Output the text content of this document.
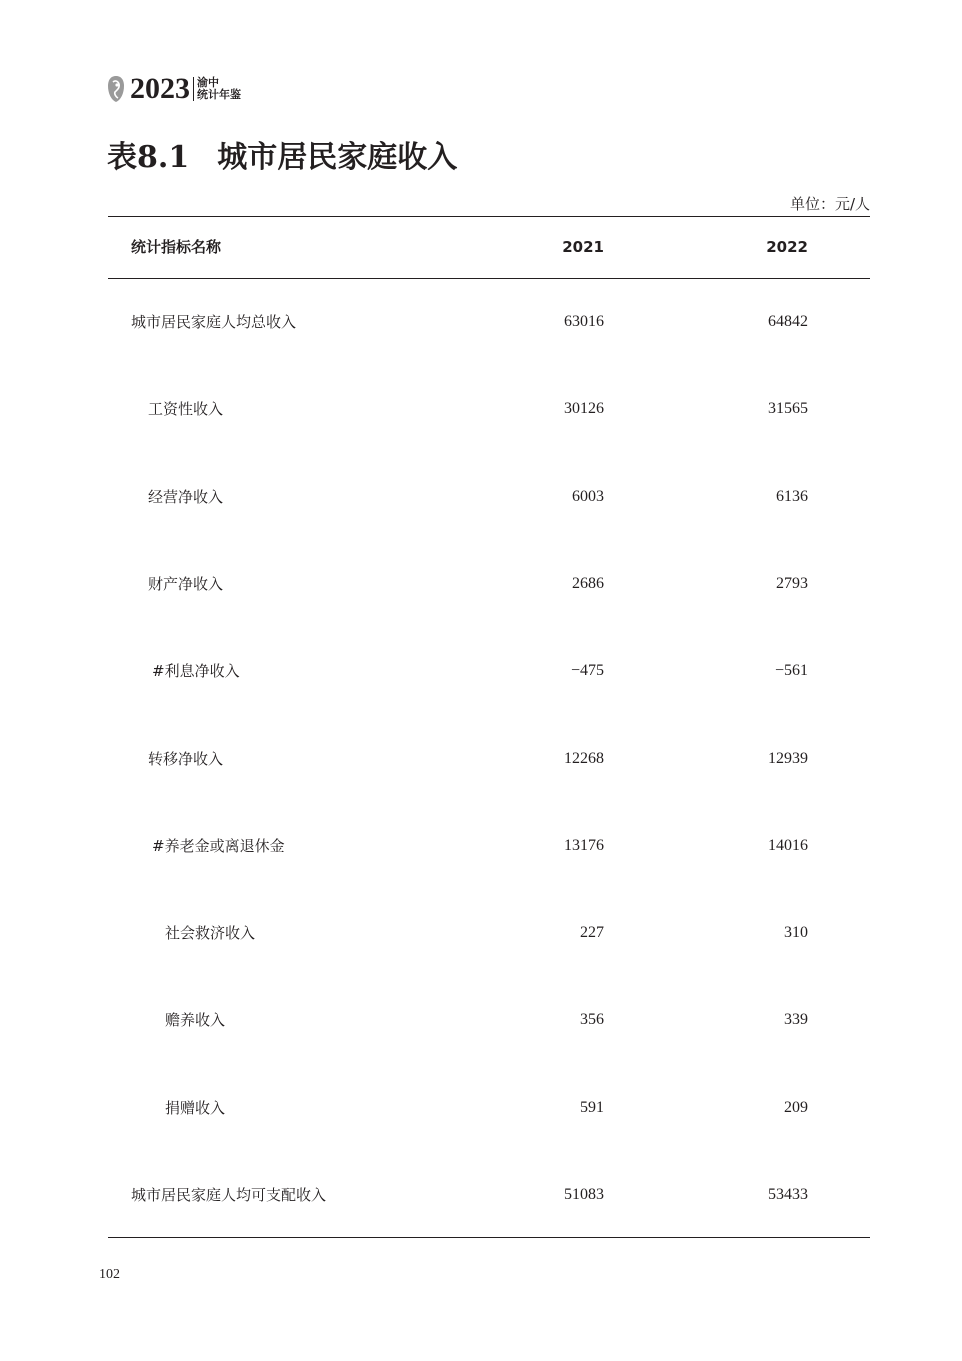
2023 渝中
统计年鉴
表8.1 城市居民家庭收入
单位：元/人
统计指标名称	2021	2022
城市居民家庭人均总收入	63016	64842
工资性收入	30126	31565
经营净收入	6003	6136
财产净收入	2686	2793
#利息净收入	−475	−561
转移净收入	12268	12939
#养老金或离退休金	13176	14016
社会救济收入	227	310
赡养收入	356	339
捐赠收入	591	209
城市居民家庭人均可支配收入	51083	53433
102
